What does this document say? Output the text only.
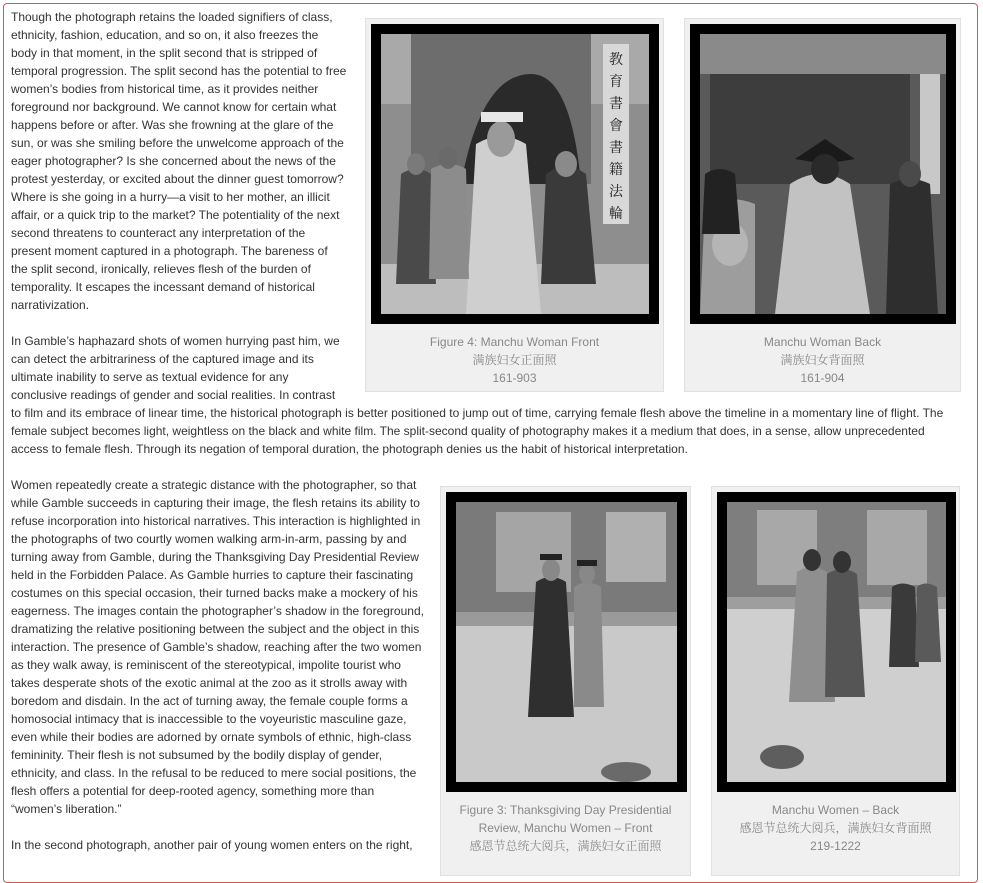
Though the photograph retains the loaded signifiers of class, ethnicity, fashion, education, and so on, it also freezes the body in that moment, in the split second that is stripped of temporal progression. The split second has the potential to free women’s bodies from historical time, as it provides neither foreground nor background. We cannot know for certain what happens before or after. Was she frowning at the glare of the sun, or was she smiling before the unwelcome approach of the eager photographer? Is she concerned about the news of the protest yesterday, or excited about the dinner guest tomorrow? Where is she going in a hurry—a visit to her mother, an illicit affair, or a quick trip to the market? The potentiality of the next second threatens to counteract any interpretation of the present moment captured in a photograph. The bareness of the split second, ironically, relieves flesh of the burden of temporality. It escapes the incessant demand of historical narrativization.

In Gamble’s haphazard shots of women hurrying past him, we can detect the arbitrariness of the captured image and its ultimate inability to serve as textual evidence for any conclusive readings of gender and social realities. In contrast

to film and its embrace of linear time, the historical photograph is better positioned to jump out of time, carrying female flesh above the timeline in a momentary line of flight. The
female subject becomes light, weightless on the black and white film. The split-second quality of photography makes it a medium that does, in a sense, allow unprecedented
access to female flesh. Through its negation of temporal duration, the photograph denies us the habit of historical interpretation.

Women repeatedly create a strategic distance with the photographer, so that while Gamble succeeds in capturing their image, the flesh retains its ability to refuse incorporation into historical narratives. This interaction is highlighted in the photographs of two courtly women walking arm-in-arm, passing by and turning away from Gamble, during the Thanksgiving Day Presidential Review held in the Forbidden Palace. As Gamble hurries to capture their fascinating costumes on this special occasion, their turned backs make a mockery of his eagerness. The images contain the photographer’s shadow in the foreground, dramatizing the relative positioning between the subject and the object in this interaction. The presence of Gamble’s shadow, reaching after the two women as they walk away, is reminiscent of the stereotypical, impolite tourist who takes desperate shots of the exotic animal at the zoo as it strolls away with boredom and disdain. In the act of turning away, the female couple forms a homosocial intimacy that is inaccessible to the voyeuristic masculine gaze, even while their bodies are adorned by ornate symbols of ethnic, high-class femininity. Their flesh is not subsumed by the bodily display of gender, ethnicity, and class. In the refusal to be reduced to mere social positions, the flesh offers a potential for deep-rooted agency, something more than “women’s liberation.”

In the second photograph, another pair of young women enters on the right,

教
育
書
會
書
籍
法
輪
Figure 4: Manchu Woman Front
满族妇女正面照
161-903
Manchu Woman Back
满族妇女背面照
161-904
Figure 3: Thanksgiving Day Presidential
Review, Manchu Women – Front
感恩节总统大阅兵，满族妇女正面照
Manchu Women – Back
感恩节总统大阅兵，满族妇女背面照
219-1222
